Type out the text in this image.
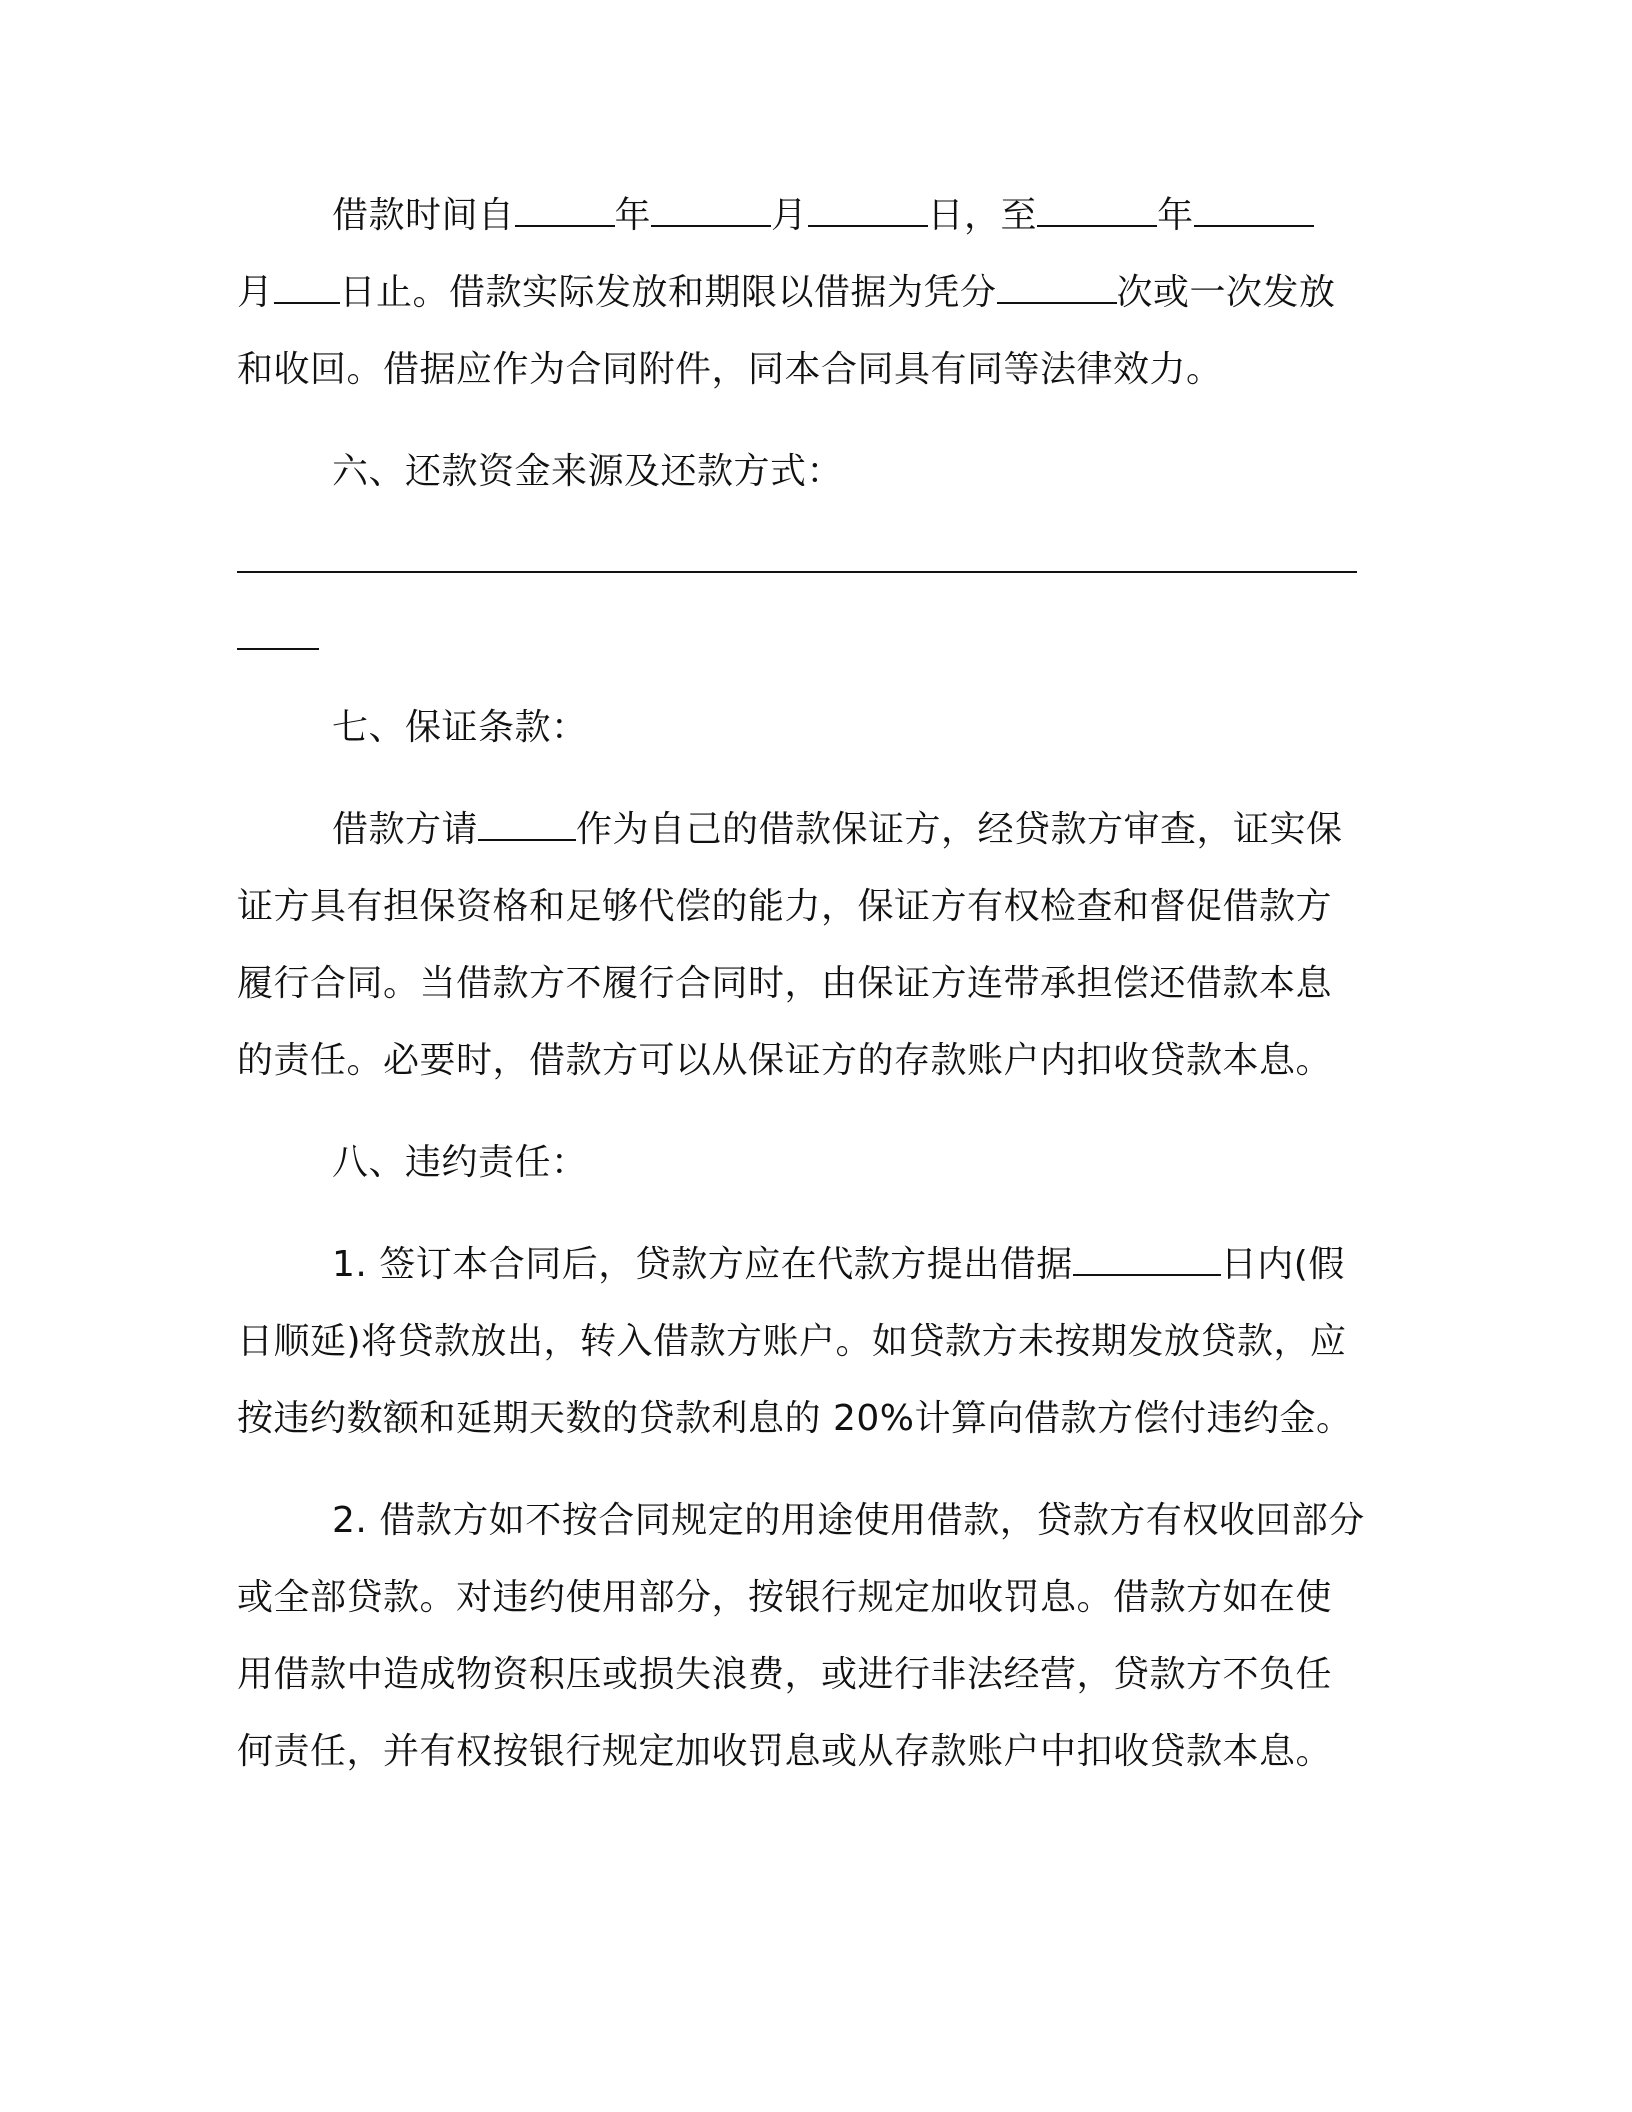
借款时间自	年	月	日，至	年
月 日止。借款实际发放和期限以借据为凭分	次或一次发放
和收回。借据应作为合同附件，同本合同具有同等法律效力。
六、还款资金来源及还款方式：
七、保证条款：
借款方请	作为自己的借款保证方，经贷款方审查，证实保
证方具有担保资格和足够代偿的能力，保证方有权检查和督促借款方
履行合同。当借款方不履行合同时，由保证方连带承担偿还借款本息
的责任。必要时，借款方可以从保证方的存款账户内扣收贷款本息。
八、违约责任：
1. 签订本合同后，贷款方应在代款方提出借据	日内(假
日顺延)将贷款放出，转入借款方账户。如贷款方未按期发放贷款，应
按违约数额和延期天数的贷款利息的 20%计算向借款方偿付违约金。
2. 借款方如不按合同规定的用途使用借款，贷款方有权收回部分
或全部贷款。对违约使用部分，按银行规定加收罚息。借款方如在使
用借款中造成物资积压或损失浪费，或进行非法经营，贷款方不负任
何责任，并有权按银行规定加收罚息或从存款账户中扣收贷款本息。
